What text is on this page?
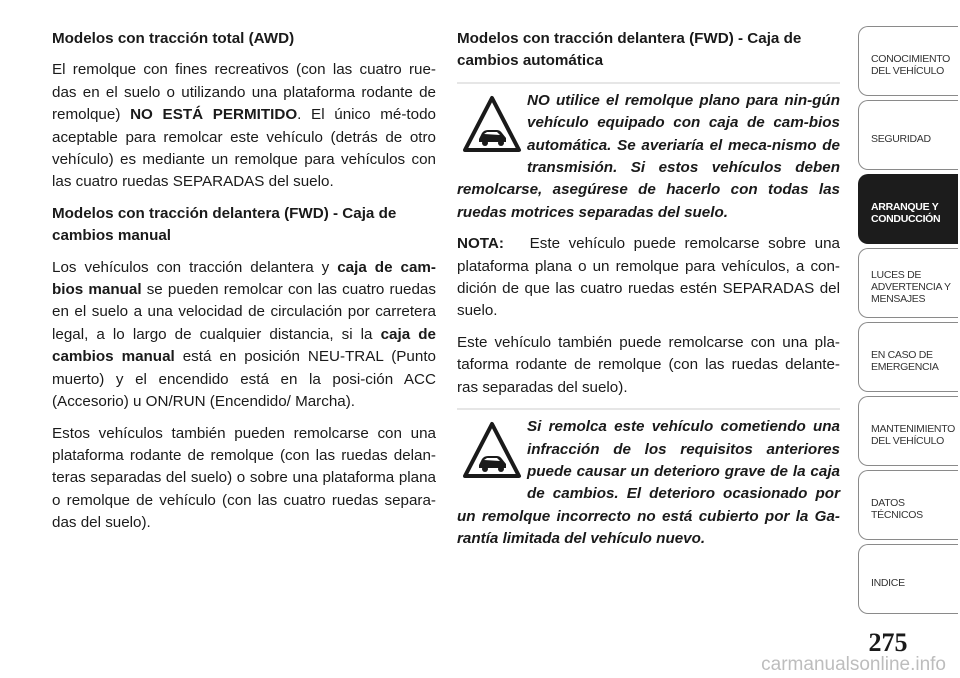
Modelos con tracción total (AWD)

El remolque con fines recreativos (con las cuatro rue-das en el suelo o utilizando una plataforma rodante de remolque) NO ESTÁ PERMITIDO. El único mé-todo aceptable para remolcar este vehículo (detrás de otro vehículo) es mediante un remolque para vehículos con las cuatro ruedas SEPARADAS del suelo.

Modelos con tracción delantera (FWD) - Caja de cambios manual

Los vehículos con tracción delantera y caja de cam-bios manual se pueden remolcar con las cuatro ruedas en el suelo a una velocidad de circulación por carretera legal, a lo largo de cualquier distancia, si la caja de cambios manual está en posición NEU-TRAL (Punto muerto) y el encendido está en la posi-ción ACC (Accesorio) u ON/RUN (Encendido/ Marcha).

Estos vehículos también pueden remolcarse con una plataforma rodante de remolque (con las ruedas delan-teras separadas del suelo) o sobre una plataforma plana o remolque de vehículo (con las cuatro ruedas separa-das del suelo).

Modelos con tracción delantera (FWD) - Caja de cambios automática

NO utilice el remolque plano para nin-gún vehículo equipado con caja de cam-bios automática. Se averiaría el meca-nismo de transmisión. Si estos vehículos deben remolcarse, asegúrese de hacerlo con todas las ruedas motrices separadas del suelo.

NOTA: Este vehículo puede remolcarse sobre una plataforma plana o un remolque para vehículos, a con-dición de que las cuatro ruedas estén SEPARADAS del suelo.

Este vehículo también puede remolcarse con una pla-taforma rodante de remolque (con las ruedas delante-ras separadas del suelo).

Si remolca este vehículo cometiendo una infracción de los requisitos anteriores puede causar un deterioro grave de la caja de cambios. El deterioro ocasionado por un remolque incorrecto no está cubierto por la Ga-rantía limitada del vehículo nuevo.

CONOCIMIENTO
DEL VEHÍCULO
SEGURIDAD
ARRANQUE Y
CONDUCCIÓN
LUCES DE
ADVERTENCIA Y
MENSAJES
EN CASO DE
EMERGENCIA
MANTENIMIENTO
DEL VEHÍCULO
DATOS
TÉCNICOS
INDICE
275
carmanualsonline.info
